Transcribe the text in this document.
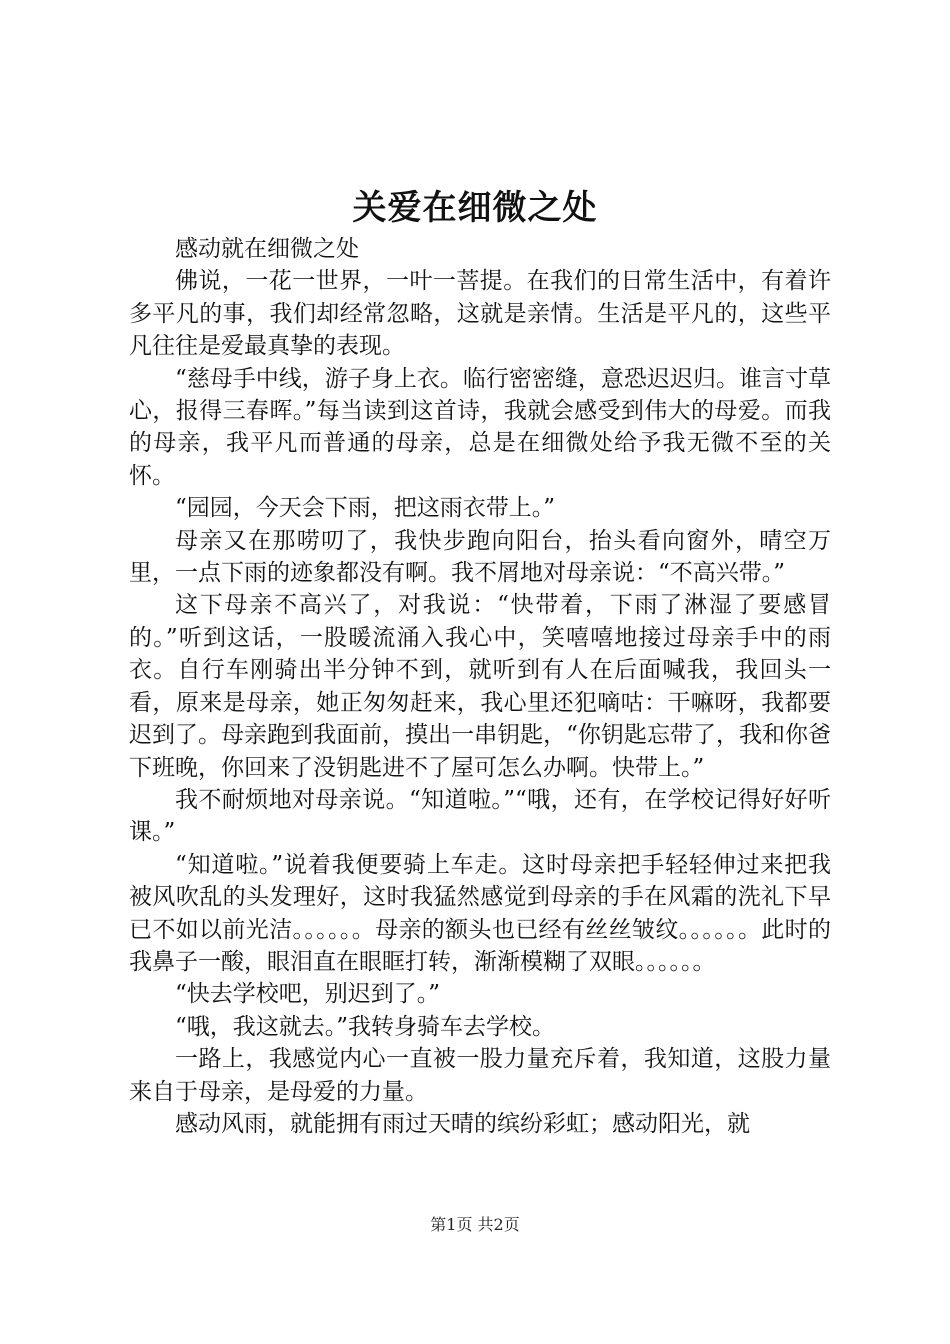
关爱在细微之处

感动就在细微之处

佛说，一花一世界，一叶一菩提。在我们的日常生活中，有着许多平凡的事，我们却经常忽略，这就是亲情。生活是平凡的，这些平凡往往是爱最真挚的表现。

“慈母手中线，游子身上衣。临行密密缝，意恐迟迟归。谁言寸草心，报得三春晖。”每当读到这首诗，我就会感受到伟大的母爱。而我的母亲，我平凡而普通的母亲，总是在细微处给予我无微不至的关怀。

“园园，今天会下雨，把这雨衣带上。”

母亲又在那唠叨了，我快步跑向阳台，抬头看向窗外，晴空万里，一点下雨的迹象都没有啊。我不屑地对母亲说：“不高兴带。”

这下母亲不高兴了，对我说：“快带着，下雨了淋湿了要感冒的。”听到这话，一股暖流涌入我心中，笑嘻嘻地接过母亲手中的雨衣。自行车刚骑出半分钟不到，就听到有人在后面喊我，我回头一看，原来是母亲，她正匆匆赶来，我心里还犯嘀咕：干嘛呀，我都要迟到了。母亲跑到我面前，摸出一串钥匙，“你钥匙忘带了，我和你爸下班晚，你回来了没钥匙进不了屋可怎么办啊。快带上。”

我不耐烦地对母亲说。“知道啦。”“哦，还有，在学校记得好好听课。”

“知道啦。”说着我便要骑上车走。这时母亲把手轻轻伸过来把我被风吹乱的头发理好，这时我猛然感觉到母亲的手在风霜的洗礼下早已不如以前光洁。。。。。。母亲的额头也已经有丝丝皱纹。。。。。。此时的我鼻子一酸，眼泪直在眼眶打转，渐渐模糊了双眼。。。。。。

“快去学校吧，别迟到了。”

“哦，我这就去。”我转身骑车去学校。

一路上，我感觉内心一直被一股力量充斥着，我知道，这股力量来自于母亲，是母爱的力量。

感动风雨，就能拥有雨过天晴的缤纷彩虹；感动阳光，就

第1页 共2页
